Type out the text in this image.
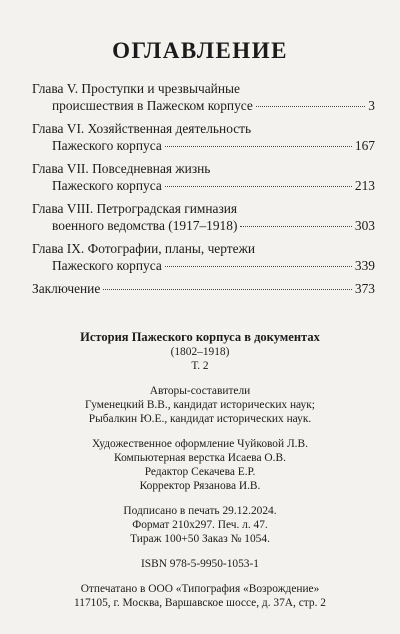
ОГЛАВЛЕНИЕ
Глава V. Проступки и чрезвычайные
происшествия в Пажеском корпусе	3
Глава VI. Хозяйственная деятельность
Пажеского корпуса	167
Глава VII. Повседневная жизнь
Пажеского корпуса	213
Глава VIII. Петроградская гимназия
военного ведомства (1917–1918)	303
Глава IX. Фотографии, планы, чертежи
Пажеского корпуса	339
Заключение	373
История Пажеского корпуса в документах
(1802–1918)
Т. 2
Авторы-составители
Гуменецкий В.В., кандидат исторических наук;
Рыбалкин Ю.Е., кандидат исторических наук.
Художественное оформление Чуйковой Л.В.
Компьютерная верстка Исаева О.В.
Редактор Секачева Е.Р.
Корректор Рязанова И.В.
Подписано в печать 29.12.2024.
Формат 210x297. Печ. л. 47.
Тираж 100+50 Заказ № 1054.
ISBN 978-5-9950-1053-1
Отпечатано в ООО «Типография «Возрождение»
117105, г. Москва, Варшавское шоссе, д. 37А, стр. 2
